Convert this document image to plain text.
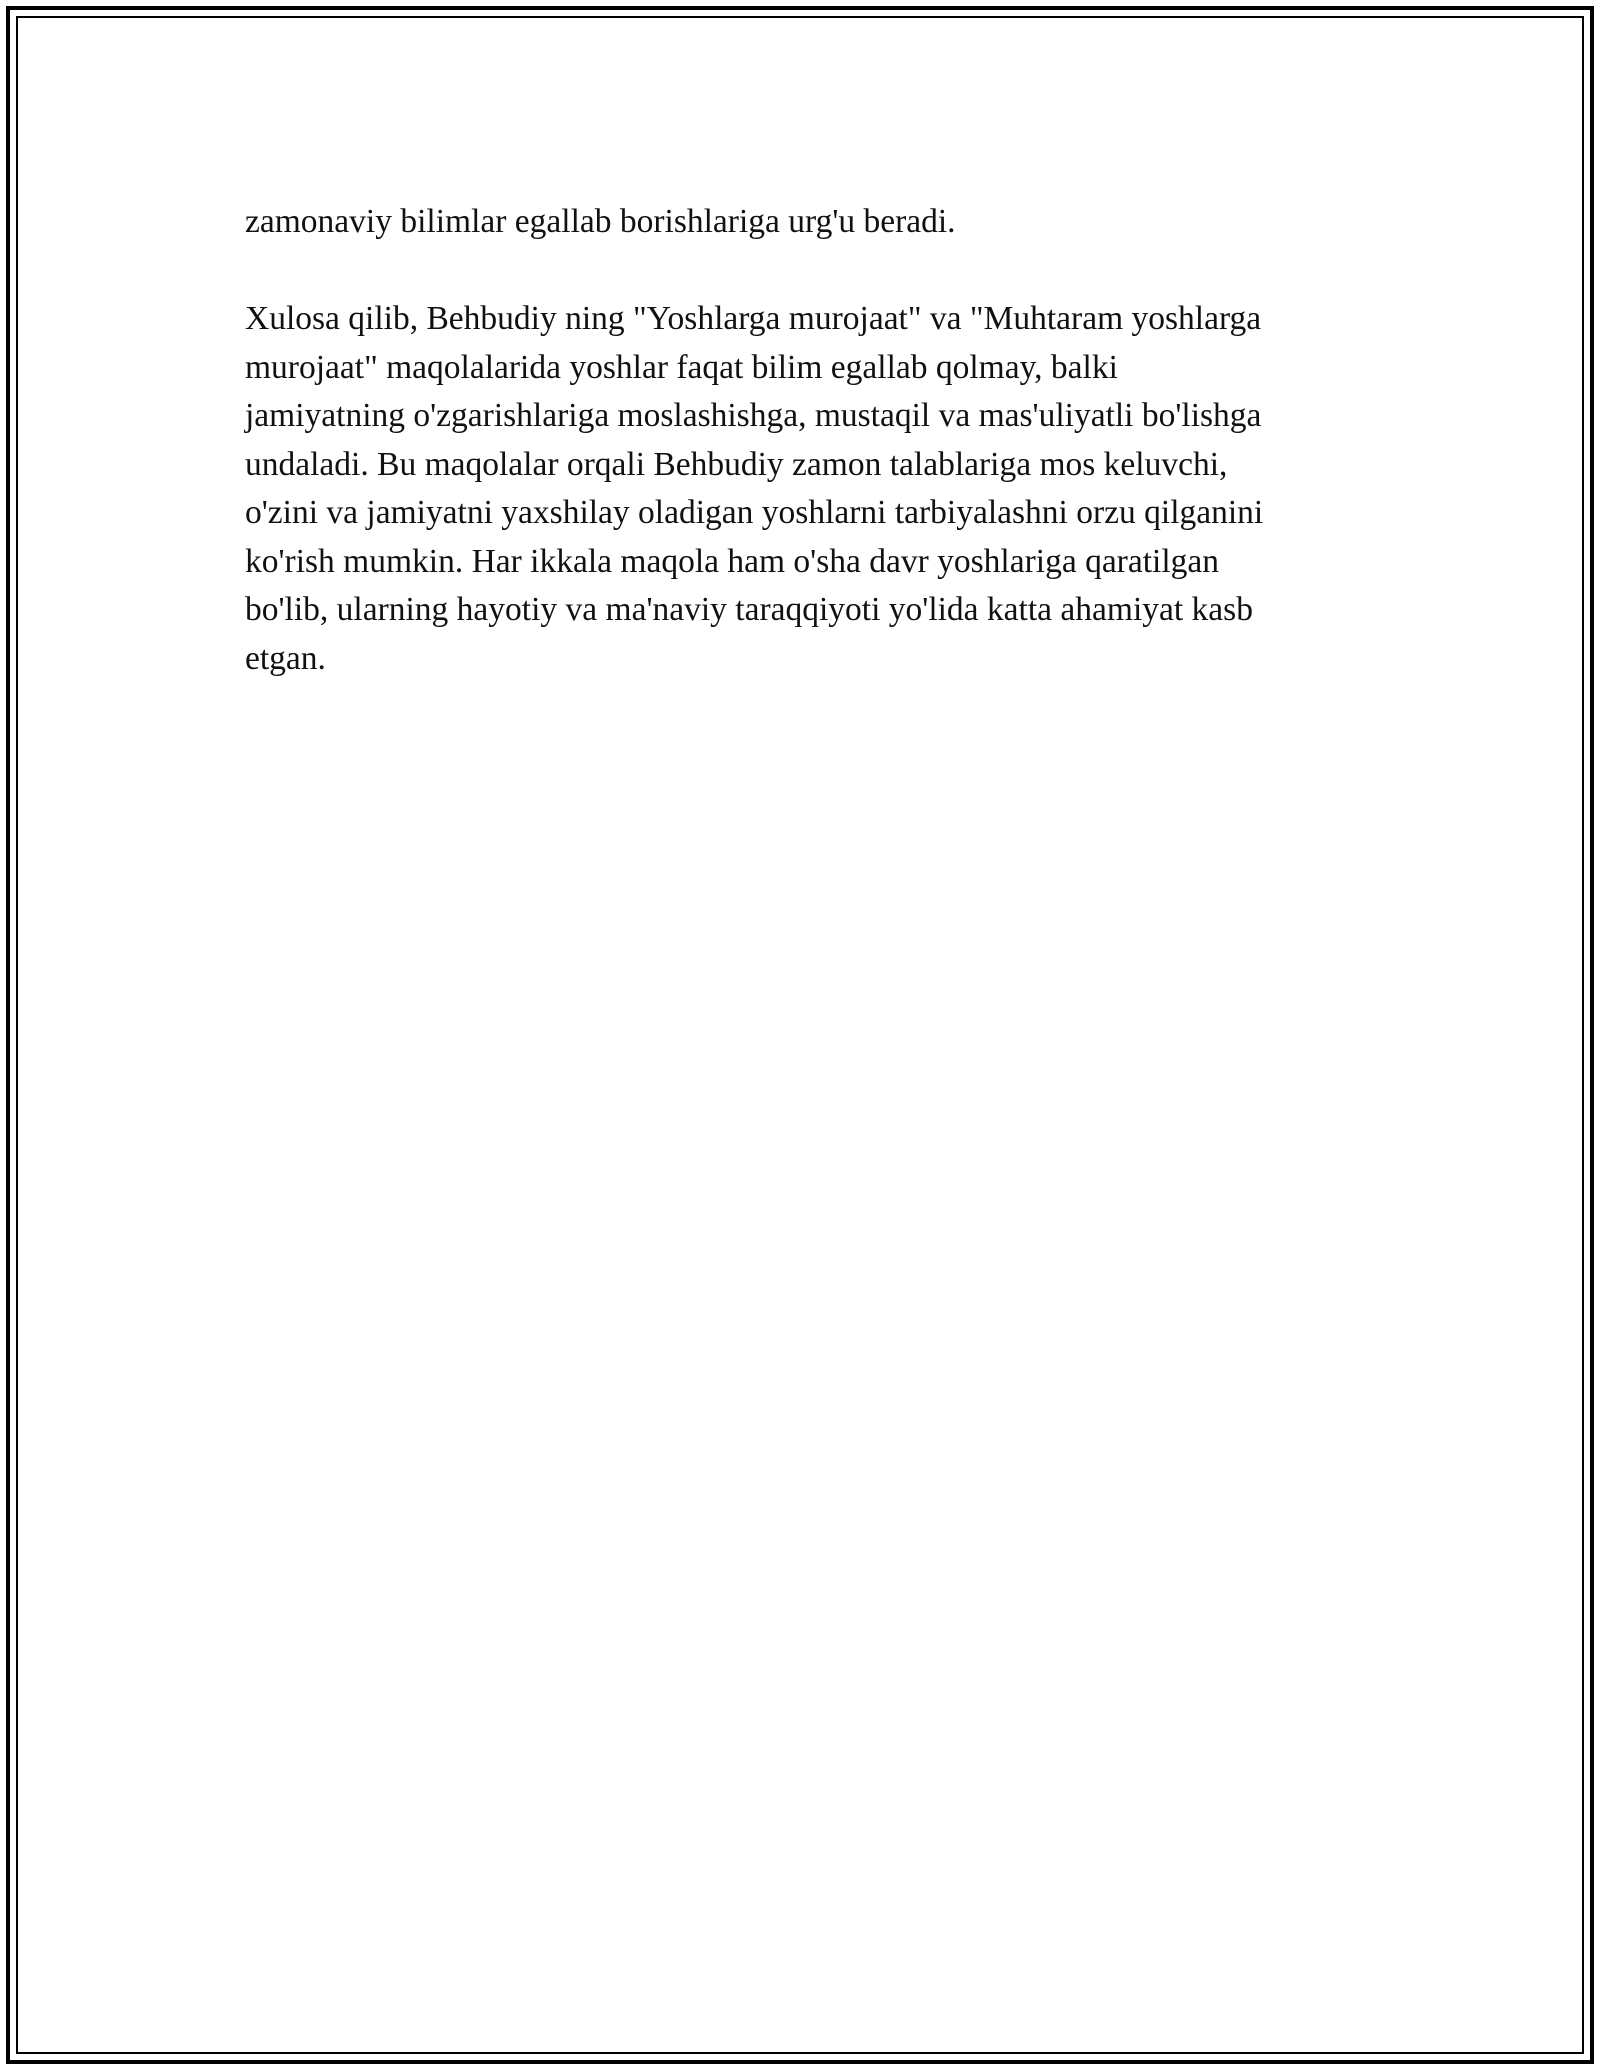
zamonaviy bilimlar egallab borishlariga urg'u beradi.

Xulosa qilib, Behbudiy ning "Yoshlarga murojaat" va "Muhtaram yoshlarga
murojaat" maqolalarida yoshlar faqat bilim egallab qolmay, balki
jamiyatning o'zgarishlariga moslashishga, mustaqil va mas'uliyatli bo'lishga
undaladi. Bu maqolalar orqali Behbudiy zamon talablariga mos keluvchi,
o'zini va jamiyatni yaxshilay oladigan yoshlarni tarbiyalashni orzu qilganini
ko'rish mumkin. Har ikkala maqola ham o'sha davr yoshlariga qaratilgan
bo'lib, ularning hayotiy va ma'naviy taraqqiyoti yo'lida katta ahamiyat kasb
etgan.
